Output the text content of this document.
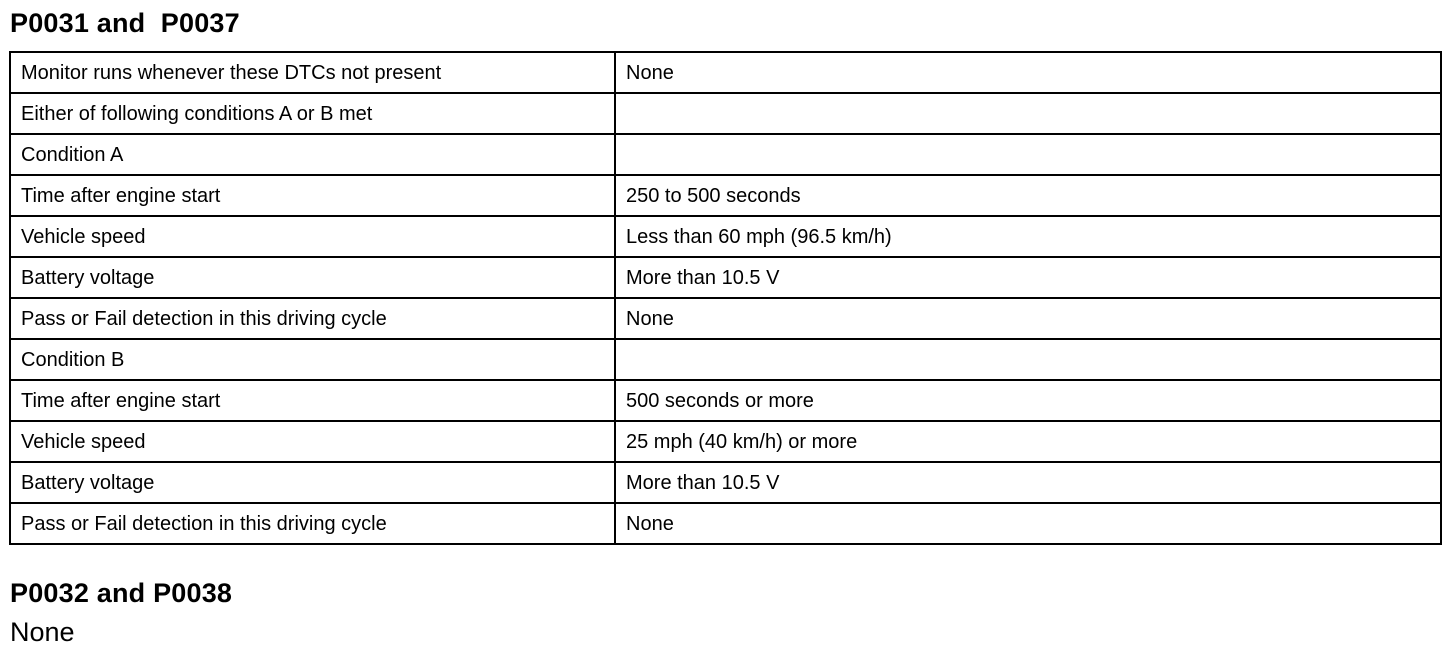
P0031 and  P0037
Monitor runs whenever these DTCs not present	None
Either of following conditions A or B met	
Condition A	
Time after engine start	250 to 500 seconds
Vehicle speed	Less than 60 mph (96.5 km/h)
Battery voltage	More than 10.5 V
Pass or Fail detection in this driving cycle	None
Condition B	
Time after engine start	500 seconds or more
Vehicle speed	25 mph (40 km/h) or more
Battery voltage	More than 10.5 V
Pass or Fail detection in this driving cycle	None
P0032 and P0038

None
